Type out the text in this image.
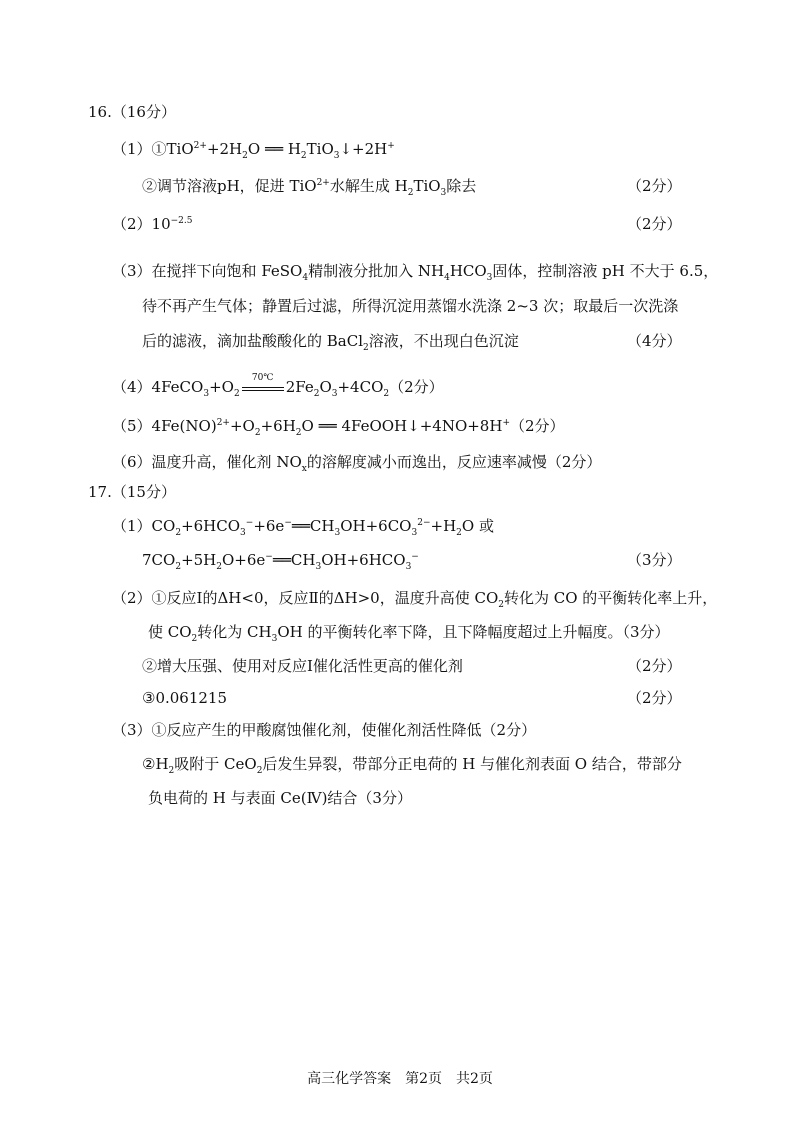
16.（16分）
$(1)①TiO^{2+}+2H_2O$ ══ $H_2TiO_3↓+2H^+$
②调节溶液pH，促进 TiO$^{2+}$水解生成 $H_2TiO_3$除去	（2分）
$(2)10^{-2.5}$	（2分）
（3）在搅拌下向饱和 FeSO$_4$精制液分批加入 $NH_4HCO_3$固体，控制溶液 pH 不大于 6.5，
待不再产生气体；静置后过滤，所得沉淀用蒸馏水洗涤 2~3 次；取最后一次洗涤
后的滤液，滴加盐酸酸化的 BaCl$_2$溶液，不出现白色沉淀	（4分）
$(4)4FeCO_3+O_2$
70℃ $2Fe_2O_3+4CO_2(2$分）
$(5)4Fe(NO)^{2+}+O_2+6H_2O$ ══ 4FeOOH↓+4NO+8H+（2分）
（6）温度升高，催化剂 $NO_x$的溶解度减小而逸出，反应速率减慢（2分）
17.（15分）
$(1)CO_2+6HCO_3^-+6e^-══CH_3OH+6CO_3^{2-}+H_2O$ 或
$7CO_2+5H_2O+6e^-══CH_3OH+6HCO_3^-$	（3分）
（2）①反应Ⅰ的ΔH<0，反应Ⅱ的ΔH>0，温度升高使 $CO_2$转化为 CO 的平衡转化率上升，
使 $CO_2$转化为 $CH_3OH$ 的平衡转化率下降，且下降幅度超过上升幅度。（3分）
②增大压强、使用对反应Ⅰ催化活性更高的催化剂	（2分）
③0.061215	（2分）
（3）①反应产生的甲酸腐蚀催化剂，使催化剂活性降低（2分）
$②H_2$吸附于 CeO$_2$后发生异裂，带部分正电荷的 H 与催化剂表面 O 结合，带部分
负电荷的 H 与表面 Ce(Ⅳ)结合（3分）
高三化学答案　第2页　共2页
